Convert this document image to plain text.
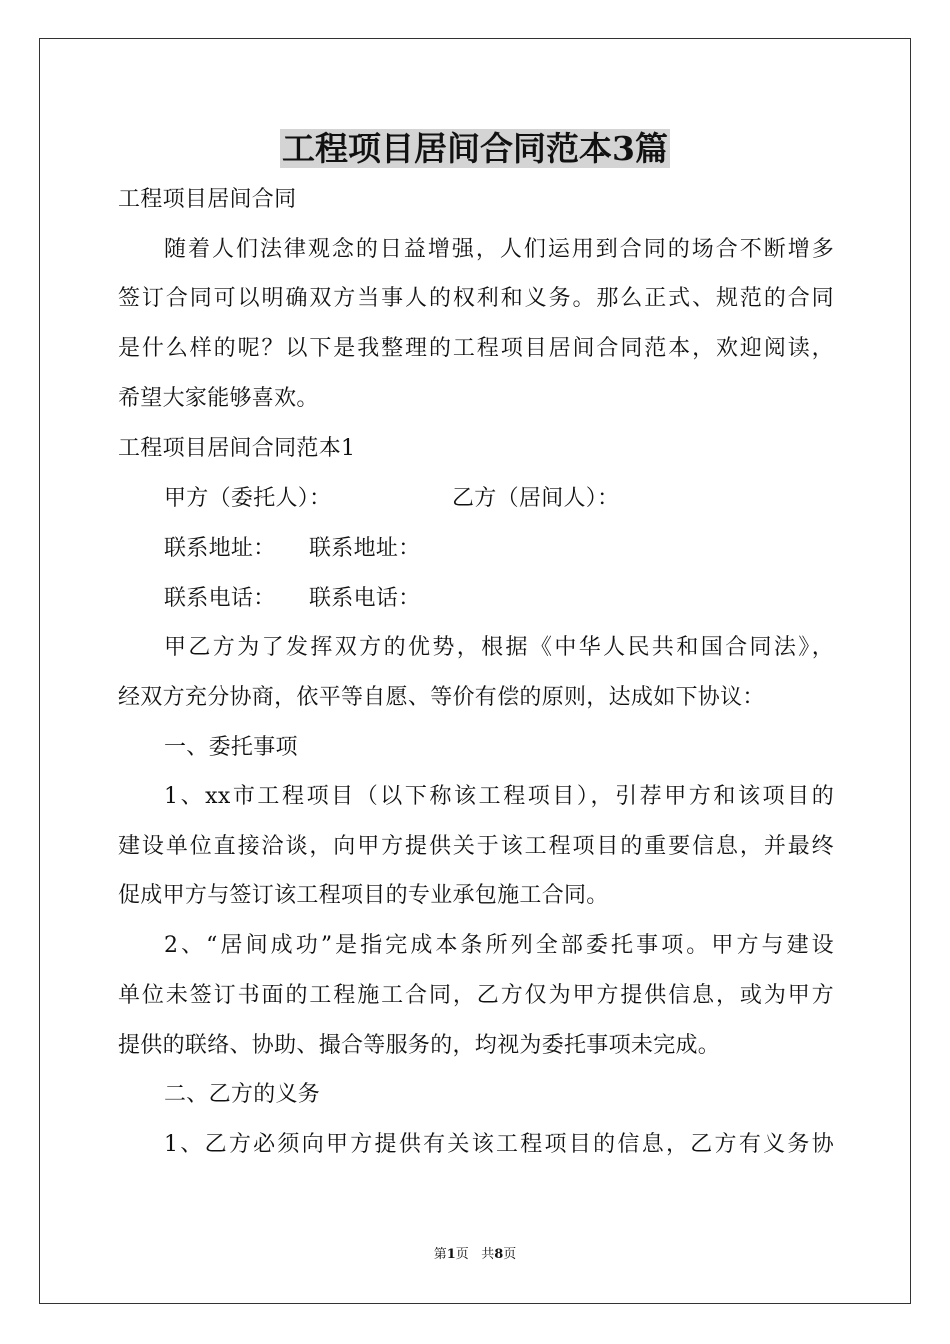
工程项目居间合同范本3篇

工程项目居间合同

随着人们法律观念的日益增强，人们运用到合同的场合不断增多

签订合同可以明确双方当事人的权利和义务。那么正式、规范的合同

是什么样的呢？以下是我整理的工程项目居间合同范本，欢迎阅读，

希望大家能够喜欢。

工程项目居间合同范本1

甲方（委托人）：	乙方（居间人）：

联系地址： 联系地址：

联系电话： 联系电话：

甲乙方为了发挥双方的优势，根据《中华人民共和国合同法》，

经双方充分协商，依平等自愿、等价有偿的原则，达成如下协议：

一、委托事项

1、xx市工程项目（以下称该工程项目），引荐甲方和该项目的

建设单位直接洽谈，向甲方提供关于该工程项目的重要信息，并最终

促成甲方与签订该工程项目的专业承包施工合同。

2、“居间成功”是指完成本条所列全部委托事项。甲方与建设

单位未签订书面的工程施工合同，乙方仅为甲方提供信息，或为甲方

提供的联络、协助、撮合等服务的，均视为委托事项未完成。

二、乙方的义务

1、乙方必须向甲方提供有关该工程项目的信息，乙方有义务协

第1页 共8页
